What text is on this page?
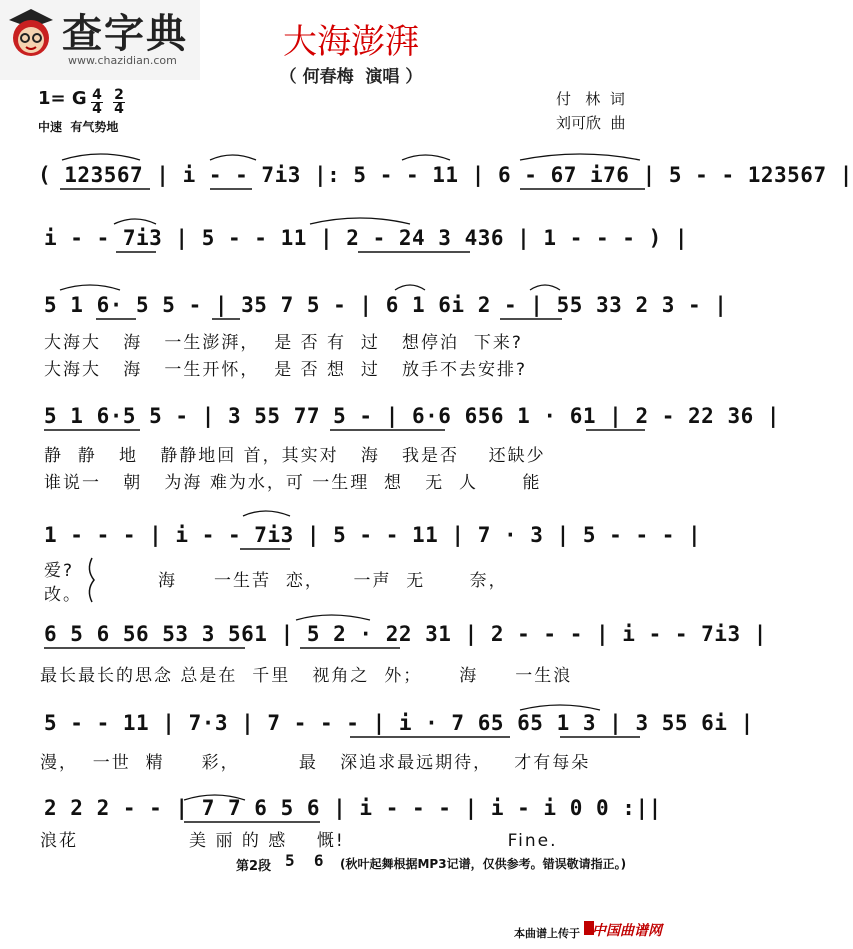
查字典
www.chazidian.com	大海澎湃
（ 何春梅  演唱 ）
1= G $\frac{4}{4} \frac{2}{4}$
中速  有气势地
付   林  词
刘可欣  曲
( 123567 | i - - 7i3 |: 5 - - 11 | 6 - 67 i76 | 5 - - 123567 |
i - - 7i3 | 5 - - 11 | 2 - 24 3 436 | 1 - - - ) |
5 1 6· 5 5 - | 35 7 5 - | 6 1 6i 2 - | 55 33 2 3 - |
大海大   海   一生澎湃，  是 否 有  过   想停泊  下来?
大海大   海   一生开怀，  是 否 想  过   放手不去安排?
5 1 6·5 5 - | 3 55 77 5 - | 6·6 656 1 · 61 | 2 - 22 36 |
静  静   地   静静地回 首，其实对   海   我是否    还缺少
谁说一   朝   为海 难为水，可 一生理  想   无  人      能
1 - - - | i - - 7i3 | 5 - - 11 | 7 · 3 | 5 - - - |
爱?
改。
海     一生苦  恋，    一声  无      奈，
6 5 6 56 53 3 561 | 5 2 · 22 31 | 2 - - - | i - - 7i3 |
最长最长的思念 总是在  千里   视角之  外；     海     一生浪
5 - - 11 | 7·3 | 7 - - - | i · 7 65 65 1 3 | 3 55 6i |
漫，  一世  精     彩，        最   深追求最远期待，   才有每朵
2 2 2 - - | 7 7 6 5 6 | i - - - | i - i 0 0 :||
浪花               美 丽 的 感    慨!                      Fine.
第2段 5  6 (秋叶起舞根据MP3记谱，仅供参考。错误敬请指正。)
本曲谱上传于 中国曲谱网
